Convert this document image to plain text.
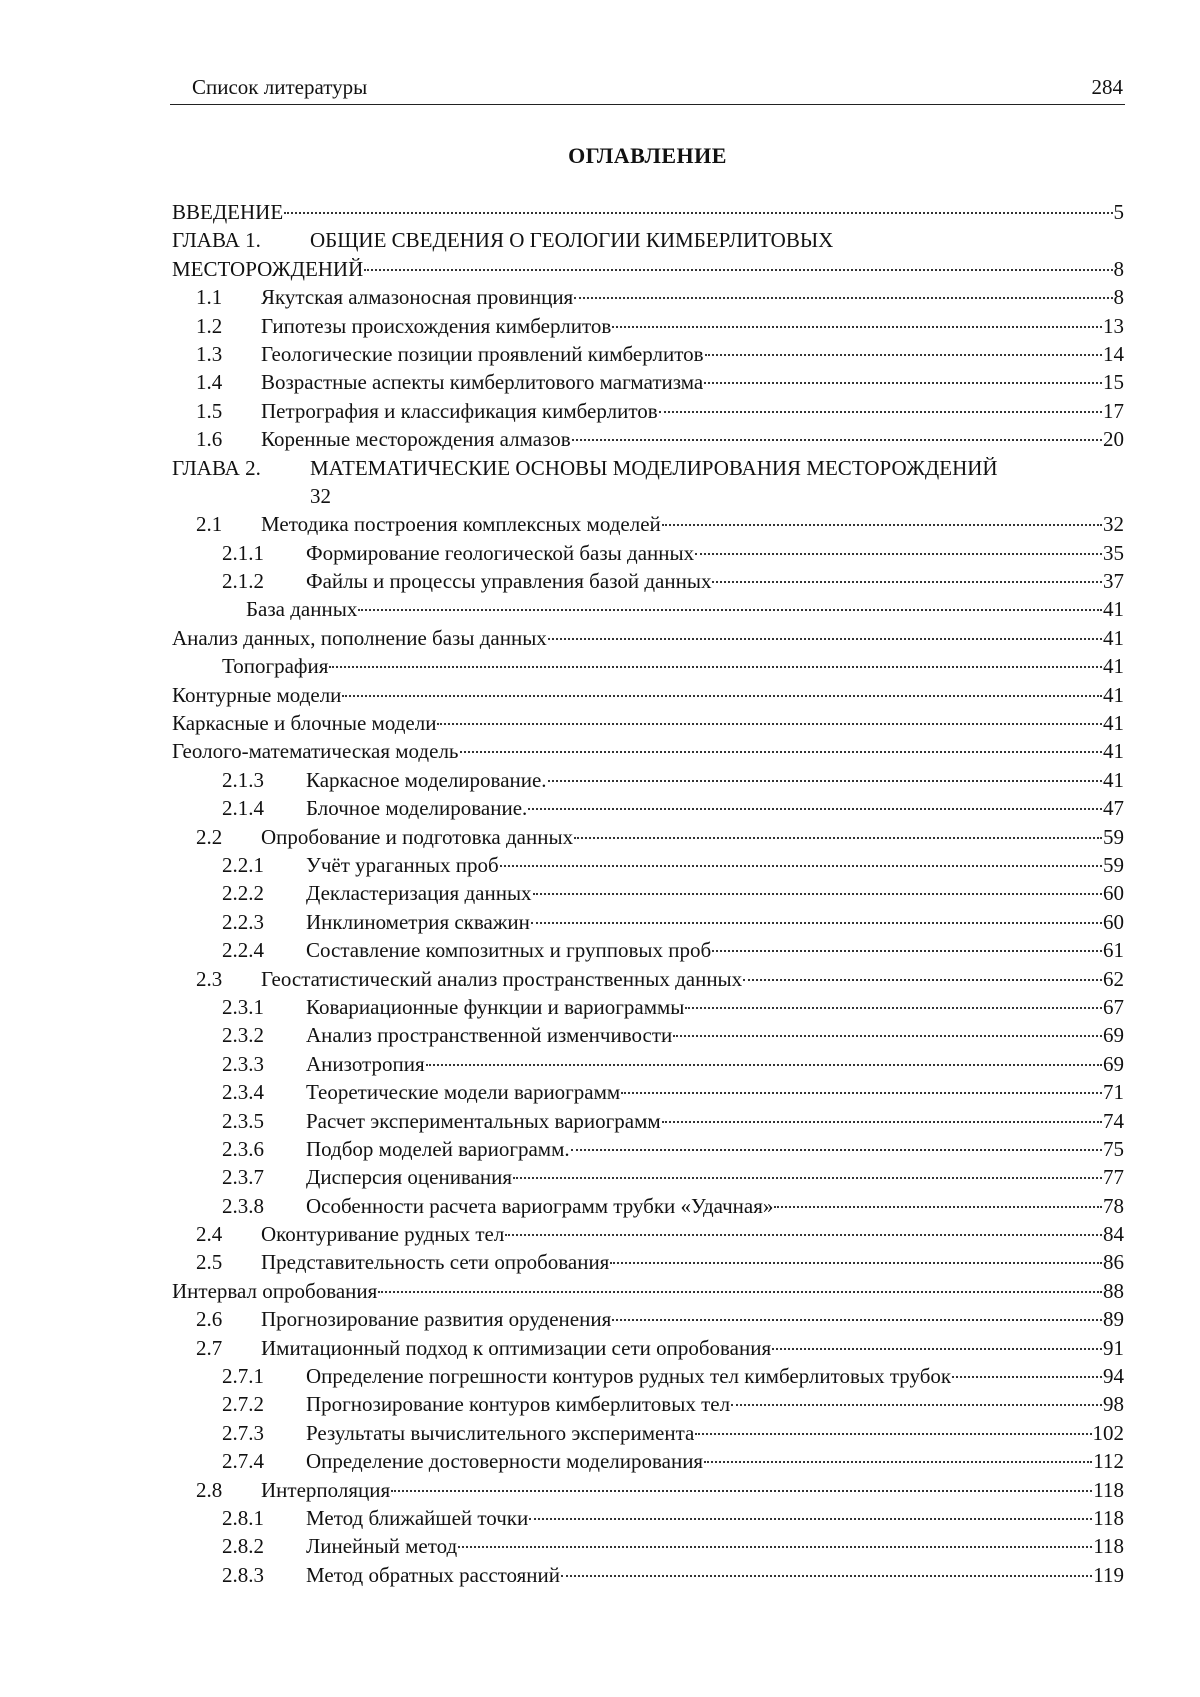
Список литературы	284
ОГЛАВЛЕНИЕ
ВВЕДЕНИЕ	5
ГЛАВА 1. ОБЩИЕ СВЕДЕНИЯ О ГЕОЛОГИИ КИМБЕРЛИТОВЫХ
МЕСТОРОЖДЕНИЙ	8
1.1	Якутская алмазоносная провинция	8
1.2	Гипотезы происхождения кимберлитов	13
1.3	Геологические позиции проявлений кимберлитов	14
1.4	Возрастные аспекты кимберлитового магматизма	15
1.5	Петрография и классификация кимберлитов	17
1.6	Коренные месторождения алмазов	20
ГЛАВА 2. МАТЕМАТИЧЕСКИЕ ОСНОВЫ МОДЕЛИРОВАНИЯ МЕСТОРОЖДЕНИЙ
32
2.1	Методика построения комплексных моделей	32
2.1.1	Формирование геологической базы данных	35
2.1.2	Файлы и процессы управления базой данных	37
База данных	41
Анализ данных, пополнение базы данных	41
Топография	41
Контурные модели	41
Каркасные и блочные модели	41
Геолого-математическая модель	41
2.1.3	Каркасное моделирование.	41
2.1.4	Блочное моделирование.	47
2.2	Опробование и подготовка данных	59
2.2.1	Учёт ураганных проб	59
2.2.2	Декластеризация данных	60
2.2.3	Инклинометрия скважин	60
2.2.4	Составление композитных и групповых проб	61
2.3	Геостатистический анализ пространственных данных	62
2.3.1	Ковариационные функции и вариограммы	67
2.3.2	Анализ пространственной изменчивости	69
2.3.3	Анизотропия	69
2.3.4	Теоретические модели вариограмм	71
2.3.5	Расчет экспериментальных вариограмм	74
2.3.6	Подбор моделей вариограмм.	75
2.3.7	Дисперсия оценивания	77
2.3.8	Особенности расчета вариограмм трубки «Удачная»	78
2.4	Оконтуривание рудных тел	84
2.5	Представительность сети опробования	86
Интервал опробования	88
2.6	Прогнозирование развития оруденения	89
2.7	Имитационный подход к оптимизации сети опробования	91
2.7.1	Определение погрешности контуров рудных тел кимберлитовых трубок	94
2.7.2	Прогнозирование контуров кимберлитовых тел	98
2.7.3	Результаты вычислительного эксперимента	102
2.7.4	Определение достоверности моделирования	112
2.8	Интерполяция	118
2.8.1	Метод ближайшей точки	118
2.8.2	Линейный метод	118
2.8.3	Метод обратных расстояний	119
